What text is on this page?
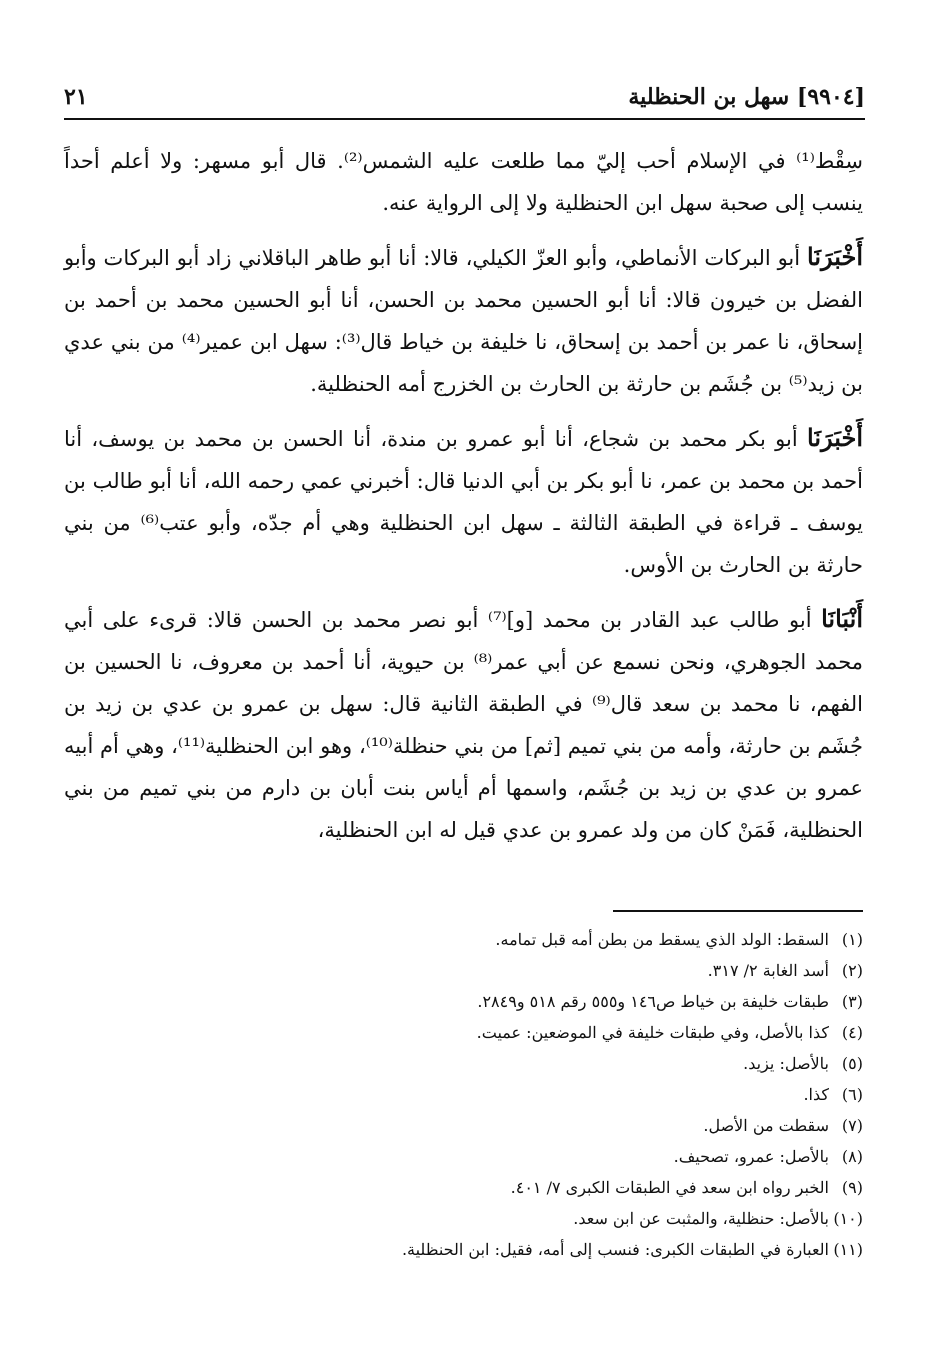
[٩٩٠٤] سهل بن الحنظلية
٢١

سِقْط⁽¹⁾ في الإسلام أحب إليّ مما طلعت عليه الشمس⁽²⁾. قال أبو مسهر: ولا أعلم أحداً ينسب إلى صحبة سهل ابن الحنظلية ولا إلى الرواية عنه.

أَخْبَرَنَا أبو البركات الأنماطي، وأبو العزّ الكيلي، قالا: أنا أبو طاهر الباقلاني زاد أبو البركات وأبو الفضل بن خيرون قالا: أنا أبو الحسين محمد بن الحسن، أنا أبو الحسين محمد بن أحمد بن إسحاق، نا عمر بن أحمد بن إسحاق، نا خليفة بن خياط قال⁽³⁾: سهل ابن عمير⁽⁴⁾ من بني عدي بن زيد⁽⁵⁾ بن جُشَم بن حارثة بن الحارث بن الخزرج أمه الحنظلية.

أَخْبَرَنَا أبو بكر محمد بن شجاع، أنا أبو عمرو بن مندة، أنا الحسن بن محمد بن يوسف، أنا أحمد بن محمد بن عمر، نا أبو بكر بن أبي الدنيا قال: أخبرني عمي رحمه الله، أنا أبو طالب بن يوسف ـ قراءة في الطبقة الثالثة ـ سهل ابن الحنظلية وهي أم جدّه، وأبو عتب⁽⁶⁾ من بني حارثة بن الحارث بن الأوس.

أَنْبَانَا أبو طالب عبد القادر بن محمد [و]⁽⁷⁾ أبو نصر محمد بن الحسن قالا: قرىء على أبي محمد الجوهري، ونحن نسمع عن أبي عمر⁽⁸⁾ بن حيوية، أنا أحمد بن معروف، نا الحسين بن الفهم، نا محمد بن سعد قال⁽⁹⁾ في الطبقة الثانية قال: سهل بن عمرو بن عدي بن زيد بن جُشَم بن حارثة، وأمه من بني تميم [ثم] من بني حنظلة⁽¹⁰⁾، وهو ابن الحنظلية⁽¹¹⁾، وهي أم أبيه عمرو بن عدي بن زيد بن جُشَم، واسمها أم أياس بنت أبان بن دارم من بني تميم من بني الحنظلية، فَمَنْ كان من ولد عمرو بن عدي قيل له ابن الحنظلية،

(١)السقط: الولد الذي يسقط من بطن أمه قبل تمامه.
(٢)أسد الغابة ٢/ ٣١٧.
(٣)طبقات خليفة بن خياط ص١٤٦ و٥٥٥ رقم ٥١٨ و٢٨٤٩.
(٤)كذا بالأصل، وفي طبقات خليفة في الموضعين: عميت.
(٥)بالأصل: يزيد.
(٦)كذا.
(٧)سقطت من الأصل.
(٨)بالأصل: عمرو، تصحيف.
(٩)الخبر رواه ابن سعد في الطبقات الكبرى ٧/ ٤٠١.
(١٠)بالأصل: حنظلية، والمثبت عن ابن سعد.
(١١)العبارة في الطبقات الكبرى: فنسب إلى أمه، فقيل: ابن الحنظلية.
